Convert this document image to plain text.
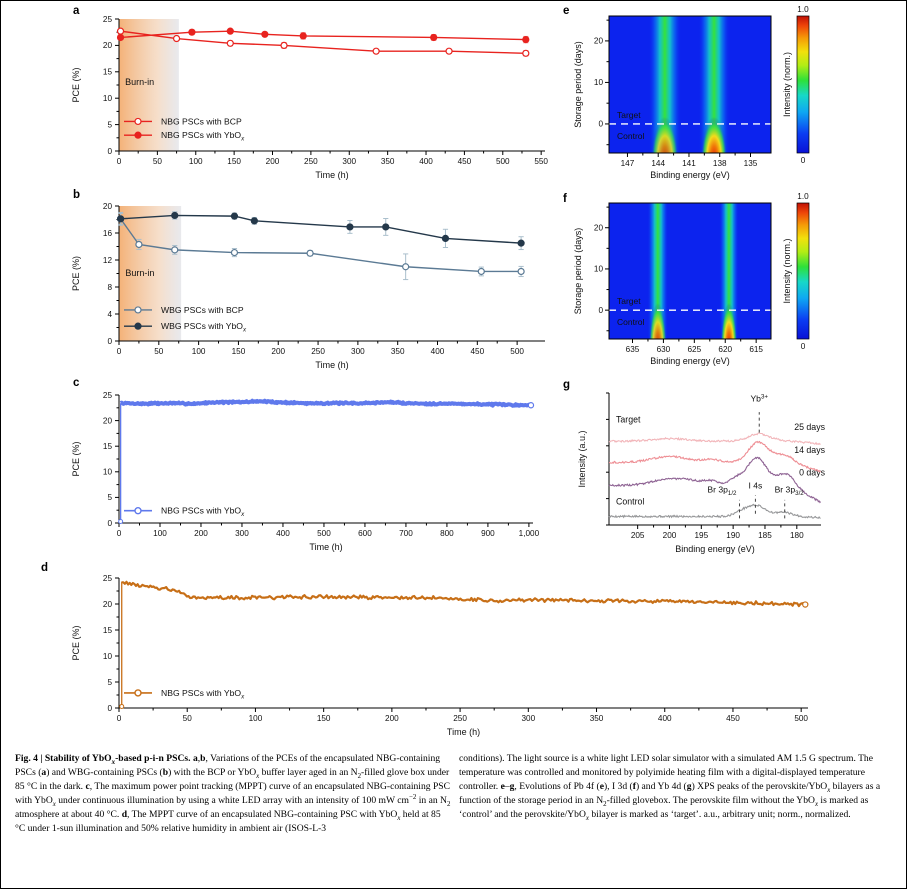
a
0	50	100	150	200	250	300	350	400	450	500	550
0
5
10
15
20
25
Time (h)
PCE (%)	Burn-in
NBG PSCs with BCP
NBG PSCs with YbO$_x$
b
0	50	100	150	200	250	300	350	400	450	500
0
4
8
12
16
20
Time (h)
PCE (%)	Burn-in
WBG PSCs with BCP
WBG PSCs with YbO$_x$
c
0	100	200	300	400	500	600	700	800	900	1,000
0
5
10
15
20
25
Time (h)
PCE (%)
NBG PSCs with YbO$_x$
d
0	50	100	150	200	250	300	350	400	450	500
0
5
10
15
20
25
Time (h)
PCE (%)
NBG PSCs with YbO$_x$
e
Target
Control
147 144 141 138 135
0
10
20
Binding energy (eV)
Storage period (days)
1.0
0
Intensity (norm.)
f
Target
Control
635 630 625 620 615
0
10
20
Binding energy (eV)
Storage period (days)
1.0
0
Intensity (norm.)
g
205 200 195 190 185 180
Binding energy (eV)
Intensity (a.u.)	0 days
14 days
25 days
Target
Control
$Yb^{3+}$
I 4s
Br $3p_{1/2}$	Br $3p_{3/2}$
Fig. 4 | Stability of YbO$_x$-based p-i-n PSCs. a,b, Variations of the PCEs of the encapsulated NBG-containing PSCs (a) and WBG-containing PSCs (b) with the BCP or YbO$_x$ buffer layer aged in an $N_2$-filled glove box under 85 °C in the dark. c, The maximum power point tracking (MPPT) curve of an encapsulated NBG-containing PSC with YbO$_x$ under continuous illumination by using a white LED array with an intensity of 100 mW $cm^{-2}$ in an $N_2$ atmosphere at about 40 °C. d, The MPPT curve of an encapsulated NBG-containing PSC with YbO$_x$ held at 85 °C under 1-sun illumination and 50% relative humidity in ambient air (ISOS-L-3
conditions). The light source is a white light LED solar simulator with a simulated AM 1.5 G spectrum. The temperature was controlled and monitored by polyimide heating film with a digital-displayed temperature controller. e–g, Evolutions of Pb 4f (e), I 3d (f) and Yb 4d (g) XPS peaks of the perovskite/YbO$_x$ bilayers as a function of the storage period in an $N_2$-filled glovebox. The perovskite film without the YbO$_x$ is marked as ‘control’ and the perovskite/YbO$_x$ bilayer is marked as ‘target’. a.u., arbitrary unit; norm., normalized.
